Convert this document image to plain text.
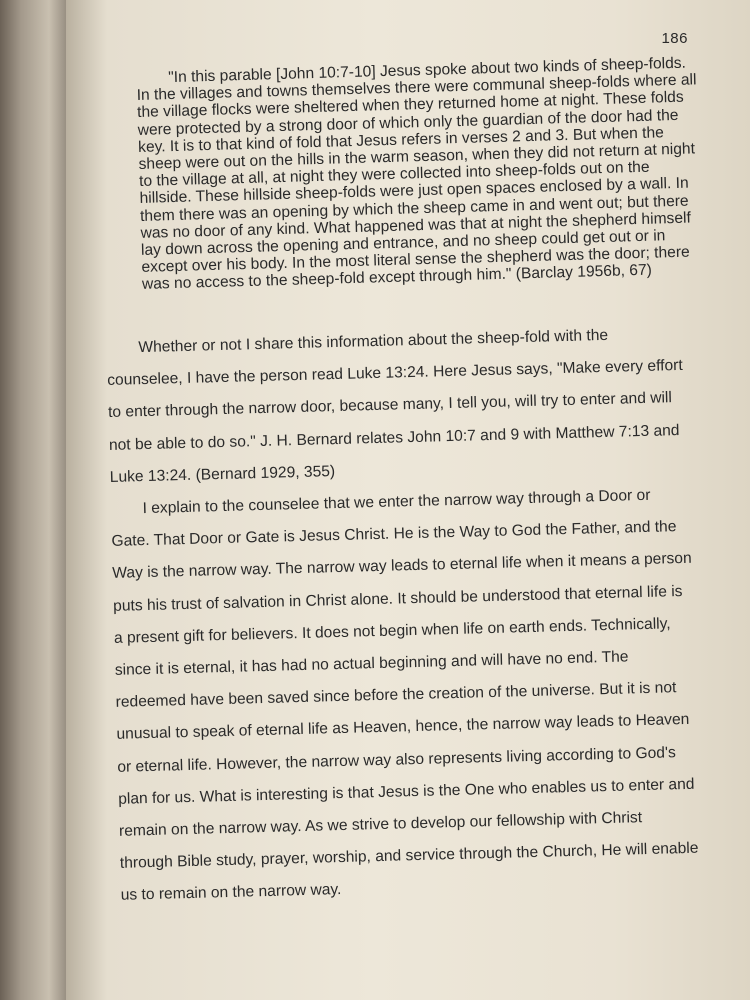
186

"In this parable [John 10:7-10] Jesus spoke about two kinds of sheep-folds. In the villages and towns themselves there were communal sheep-folds where all the village flocks were sheltered when they returned home at night. These folds were protected by a strong door of which only the guardian of the door had the key. It is to that kind of fold that Jesus refers in verses 2 and 3. But when the sheep were out on the hills in the warm season, when they did not return at night to the village at all, at night they were collected into sheep-folds out on the hillside. These hillside sheep-folds were just open spaces enclosed by a wall. In them there was an opening by which the sheep came in and went out; but there was no door of any kind. What happened was that at night the shepherd himself lay down across the opening and entrance, and no sheep could get out or in except over his body. In the most literal sense the shepherd was the door; there was no access to the sheep-fold except through him." (Barclay 1956b, 67)

Whether or not I share this information about the sheep-fold with the counselee, I have the person read Luke 13:24. Here Jesus says, "Make every effort to enter through the narrow door, because many, I tell you, will try to enter and will not be able to do so." J. H. Bernard relates John 10:7 and 9 with Matthew 7:13 and Luke 13:24. (Bernard 1929, 355)

I explain to the counselee that we enter the narrow way through a Door or Gate. That Door or Gate is Jesus Christ. He is the Way to God the Father, and the Way is the narrow way. The narrow way leads to eternal life when it means a person puts his trust of salvation in Christ alone. It should be understood that eternal life is a present gift for believers. It does not begin when life on earth ends. Technically, since it is eternal, it has had no actual beginning and will have no end. The redeemed have been saved since before the creation of the universe. But it is not unusual to speak of eternal life as Heaven, hence, the narrow way leads to Heaven or eternal life. However, the narrow way also represents living according to God's plan for us. What is interesting is that Jesus is the One who enables us to enter and remain on the narrow way. As we strive to develop our fellowship with Christ through Bible study, prayer, worship, and service through the Church, He will enable us to remain on the narrow way.
